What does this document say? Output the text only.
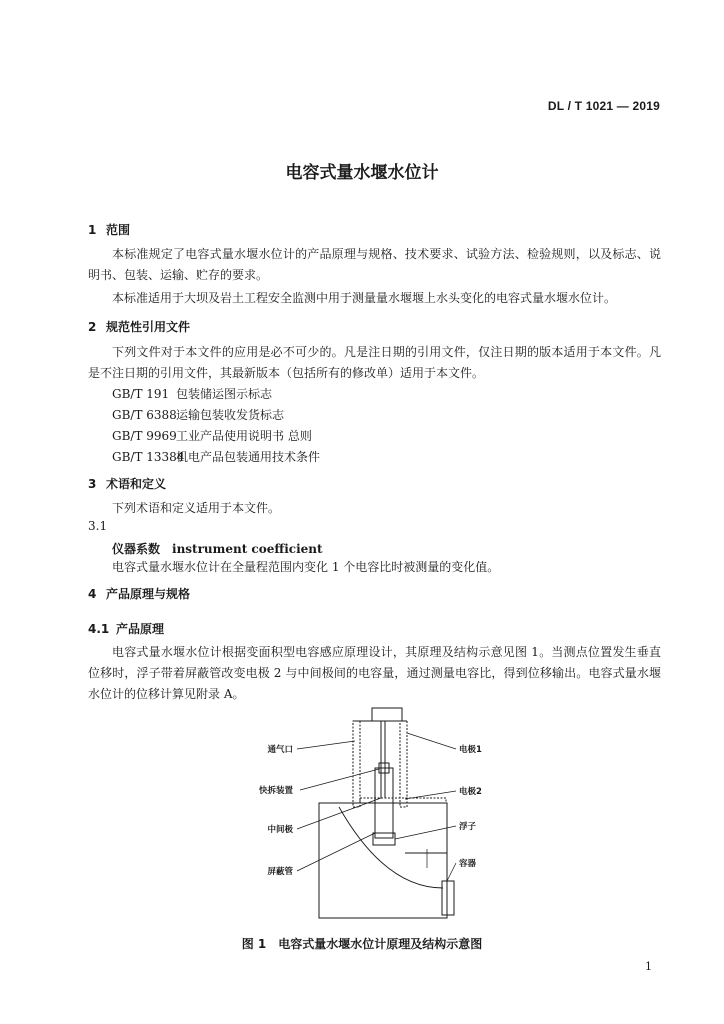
DL / T 1021 — 2019
电容式量水堰水位计
1 范围
本标准规定了电容式量水堰水位计的产品原理与规格、技术要求、试验方法、检验规则，以及标志、说明书、包装、运输、贮存的要求。
本标准适用于大坝及岩土工程安全监测中用于测量量水堰堰上水头变化的电容式量水堰水位计。
2 规范性引用文件
下列文件对于本文件的应用是必不可少的。凡是注日期的引用文件，仅注日期的版本适用于本文件。凡是不注日期的引用文件，其最新版本（包括所有的修改单）适用于本文件。
GB/T 191 包装储运图示标志
GB/T 6388运输包装收发货标志
GB/T 9969工业产品使用说明书 总则
GB/T 13384机电产品包装通用技术条件
3 术语和定义
下列术语和定义适用于本文件。
3.1
仪器系数 instrument coefficient
电容式量水堰水位计在全量程范围内变化 1 个电容比时被测量的变化值。
4 产品原理与规格
4.1 产品原理
电容式量水堰水位计根据变面积型电容感应原理设计，其原理及结构示意见图 1。当测点位置发生垂直位移时，浮子带着屏蔽管改变电极 2 与中间极间的电容量，通过测量电容比，得到位移输出。电容式量水堰水位计的位移计算见附录 A。
通气口
快拆装置
中间极
屏蔽管
电极1
电极2
浮子
容器
图 1　电容式量水堰水位计原理及结构示意图
1
